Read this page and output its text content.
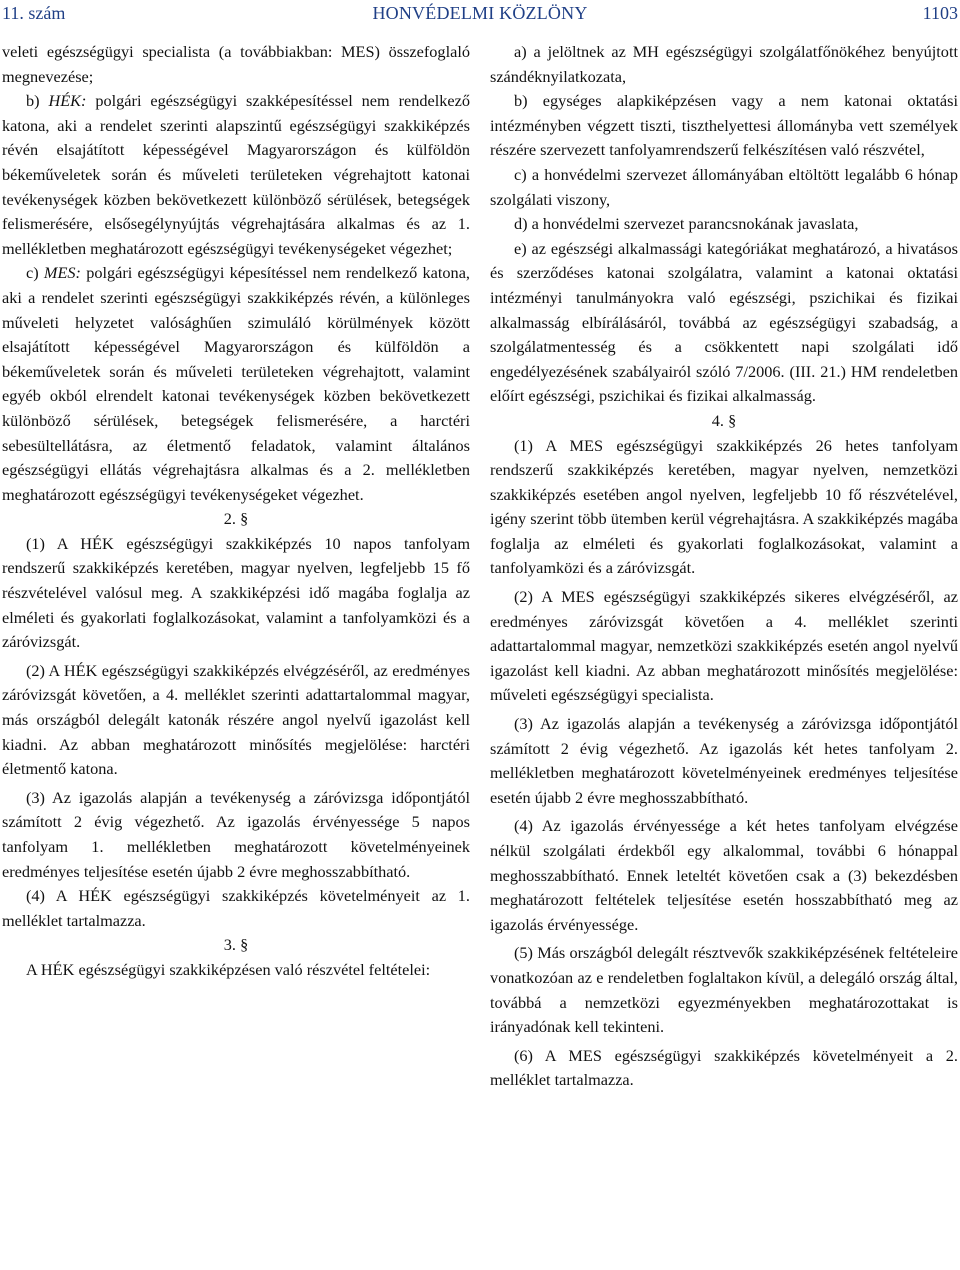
11. szám	HONVÉDELMI KÖZLÖNY	1103

veleti egészségügyi specialista (a továbbiakban: MES) összefoglaló megnevezése;

b) HÉK: polgári egészségügyi szakképesítéssel nem rendelkező katona, aki a rendelet szerinti alapszintű egészségügyi szakkiképzés révén elsajátított képességével Magyarországon és külföldön békeműveletek során és műveleti területeken végrehajtott katonai tevékenységek közben bekövetkezett különböző sérülések, betegségek felismerésére, elsősegélynyújtás végrehajtására alkalmas és az 1. mellékletben meghatározott egészségügyi tevékenységeket végezhet;

c) MES: polgári egészségügyi képesítéssel nem rendelkező katona, aki a rendelet szerinti egészségügyi szakkiképzés révén, a különleges műveleti helyzetet valósághűen szimuláló körülmények között elsajátított képességével Magyarországon és külföldön a békeműveletek során és műveleti területeken végrehajtott, valamint egyéb okból elrendelt katonai tevékenységek közben bekövetkezett különböző sérülések, betegségek felismerésére, a harctéri sebesültellátásra, az életmentő feladatok, valamint általános egészségügyi ellátás végrehajtásra alkalmas és a 2. mellékletben meghatározott egészségügyi tevékenységeket végezhet.

2. §

(1) A HÉK egészségügyi szakkiképzés 10 napos tanfolyam rendszerű szakkiképzés keretében, magyar nyelven, legfeljebb 15 fő részvételével valósul meg. A szakkiképzési idő magába foglalja az elméleti és gyakorlati foglalkozásokat, valamint a tanfolyamközi és a záróvizsgát.

(2) A HÉK egészségügyi szakkiképzés elvégzéséről, az eredményes záróvizsgát követően, a 4. melléklet szerinti adattartalommal magyar, más országból delegált katonák részére angol nyelvű igazolást kell kiadni. Az abban meghatározott minősítés megjelölése: harctéri életmentő katona.

(3) Az igazolás alapján a tevékenység a záróvizsga időpontjától számított 2 évig végezhető. Az igazolás érvényessége 5 napos tanfolyam 1. mellékletben meghatározott követelményeinek eredményes teljesítése esetén újabb 2 évre meghosszabbítható.

(4) A HÉK egészségügyi szakkiképzés követelményeit az 1. melléklet tartalmazza.

3. §

A HÉK egészségügyi szakkiképzésen való részvétel feltételei:

a) a jelöltnek az MH egészségügyi szolgálatfőnökéhez benyújtott szándéknyilatkozata,

b) egységes alapkiképzésen vagy a nem katonai oktatási intézményben végzett tiszti, tiszthelyettesi állományba vett személyek részére szervezett tanfolyamrendszerű felkészítésen való részvétel,

c) a honvédelmi szervezet állományában eltöltött legalább 6 hónap szolgálati viszony,

d) a honvédelmi szervezet parancsnokának javaslata,

e) az egészségi alkalmassági kategóriákat meghatározó, a hivatásos és szerződéses katonai szolgálatra, valamint a katonai oktatási intézményi tanulmányokra való egészségi, pszichikai és fizikai alkalmasság elbírálásáról, továbbá az egészségügyi szabadság, a szolgálatmentesség és a csökkentett napi szolgálati idő engedélyezésének szabályairól szóló 7/2006. (III. 21.) HM rendeletben előírt egészségi, pszichikai és fizikai alkalmasság.

4. §

(1) A MES egészségügyi szakkiképzés 26 hetes tanfolyam rendszerű szakkiképzés keretében, magyar nyelven, nemzetközi szakkiképzés esetében angol nyelven, legfeljebb 10 fő részvételével, igény szerint több ütemben kerül végrehajtásra. A szakkiképzés magába foglalja az elméleti és gyakorlati foglalkozásokat, valamint a tanfolyamközi és a záróvizsgát.

(2) A MES egészségügyi szakkiképzés sikeres elvégzéséről, az eredményes záróvizsgát követően a 4. melléklet szerinti adattartalommal magyar, nemzetközi szakkiképzés esetén angol nyelvű igazolást kell kiadni. Az abban meghatározott minősítés megjelölése: műveleti egészségügyi specialista.

(3) Az igazolás alapján a tevékenység a záróvizsga időpontjától számított 2 évig végezhető. Az igazolás két hetes tanfolyam 2. mellékletben meghatározott követelményeinek eredményes teljesítése esetén újabb 2 évre meghosszabbítható.

(4) Az igazolás érvényessége a két hetes tanfolyam elvégzése nélkül szolgálati érdekből egy alkalommal, további 6 hónappal meghosszabbítható. Ennek leteltét követően csak a (3) bekezdésben meghatározott feltételek teljesítése esetén hosszabbítható meg az igazolás érvényessége.

(5) Más országból delegált résztvevők szakkiképzésének feltételeire vonatkozóan az e rendeletben foglaltakon kívül, a delegáló ország által, továbbá a nemzetközi egyezményekben meghatározottakat is irányadónak kell tekinteni.

(6) A MES egészségügyi szakkiképzés követelményeit a 2. melléklet tartalmazza.
